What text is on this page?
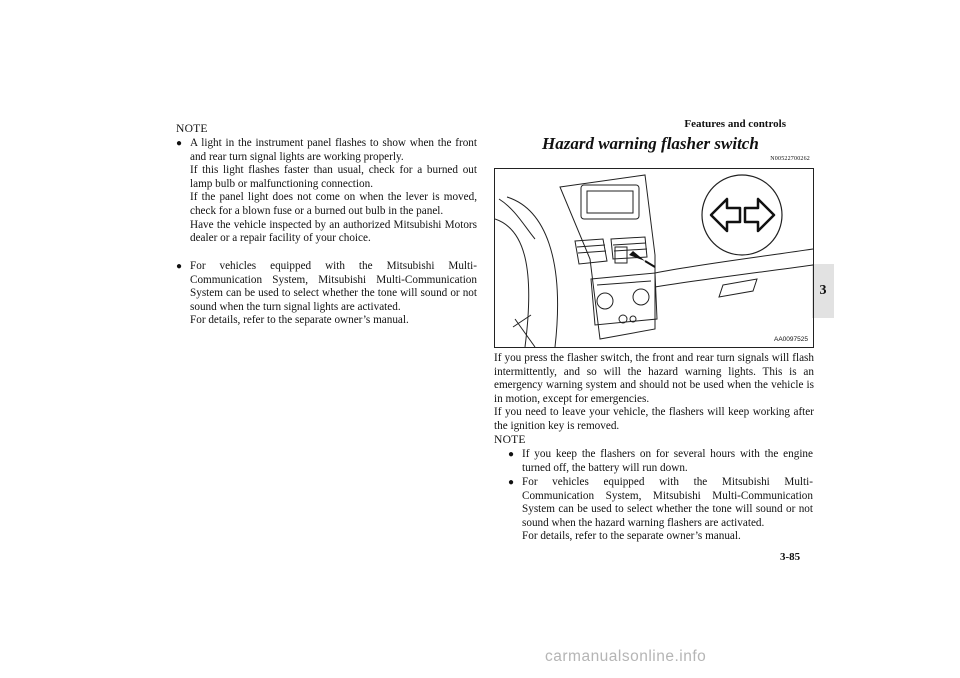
Features and controls
3
NOTE
● A light in the instrument panel flashes to show when the front and rear turn signal lights are working properly.

If this light flashes faster than usual, check for a burned out lamp bulb or malfunctioning connection.

If the panel light does not come on when the lever is moved, check for a blown fuse or a burned out bulb in the panel.

Have the vehicle inspected by an authorized Mitsubishi Motors dealer or a repair facility of your choice.

● For vehicles equipped with the Mitsubishi Multi-Communication System, Mitsubishi Multi-Communication System can be used to select whether the tone will sound or not sound when the turn signal lights are activated.

For details, refer to the separate owner’s manual.

Hazard warning flasher switch
N00522700262
AA0097525

If you press the flasher switch, the front and rear turn signals will flash intermittently, and so will the hazard warning lights. This is an emergency warning system and should not be used when the vehicle is in motion, except for emergencies.

If you need to leave your vehicle, the flashers will keep working after the ignition key is removed.

NOTE
● If you keep the flashers on for several hours with the engine turned off, the battery will run down.

● For vehicles equipped with the Mitsubishi Multi-Communication System, Mitsubishi Multi-Communication System can be used to select whether the tone will sound or not sound when the hazard warning flashers are activated.

For details, refer to the separate owner’s manual.

3-85
carmanualsonline.info
